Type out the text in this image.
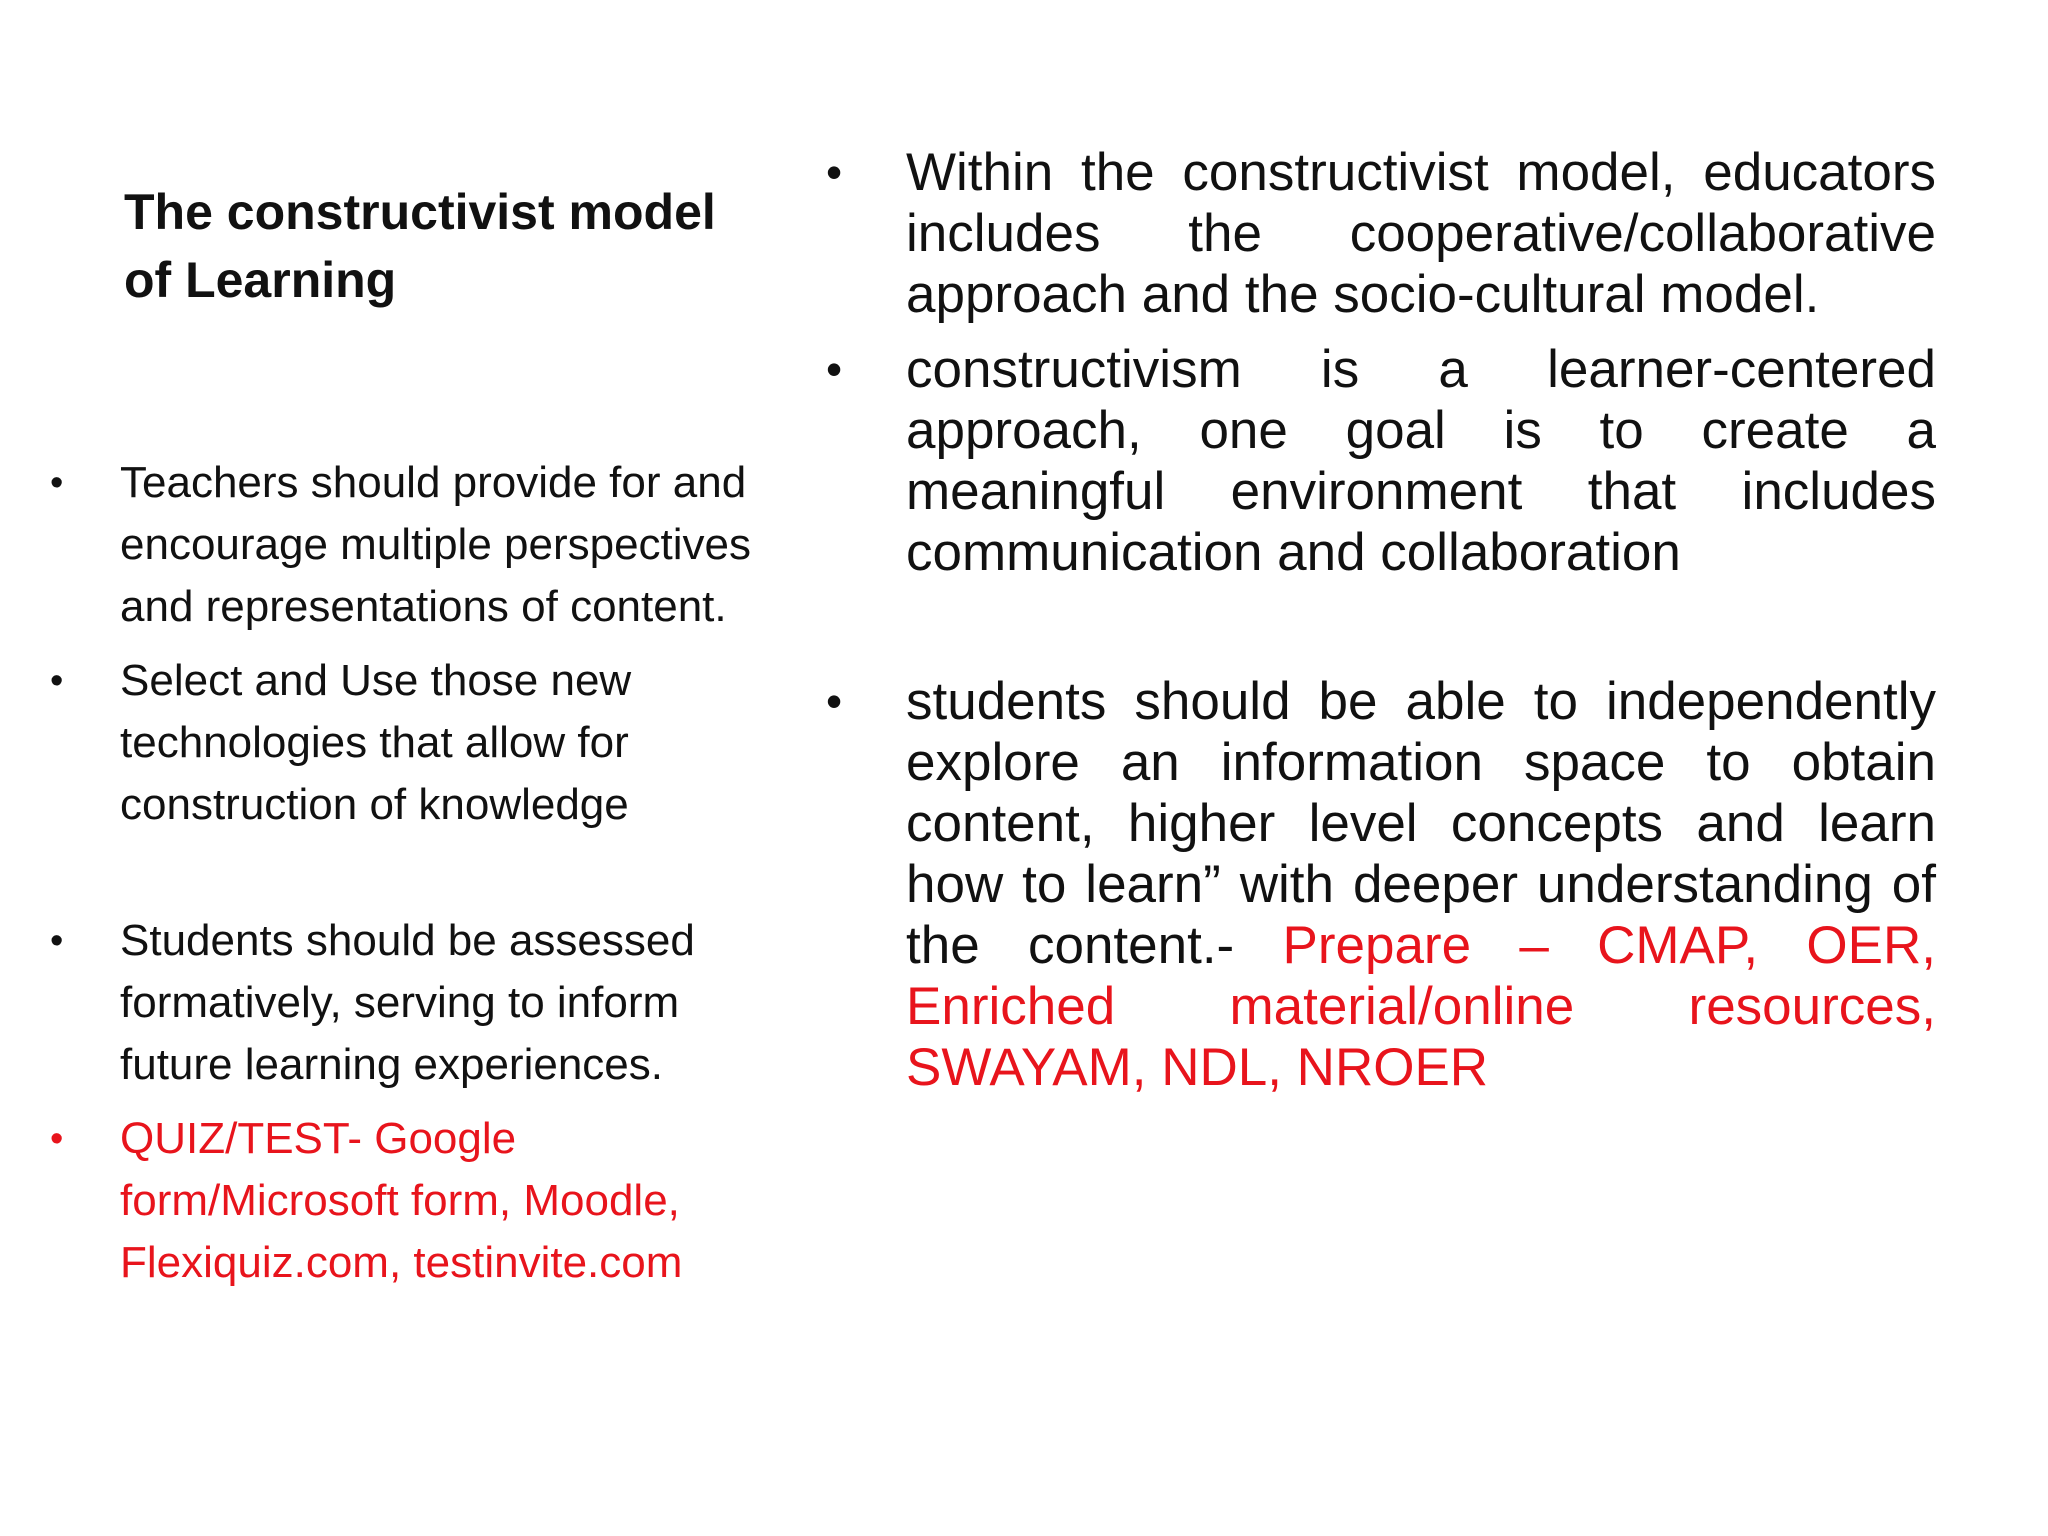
The constructivist model
of Learning
•	Teachers should provide for and encourage multiple perspectives and representations of content.
•	Select and Use those new technologies that allow for construction of knowledge
•	Students should be assessed formatively, serving to inform future learning experiences.
•	QUIZ/TEST- Google form/Microsoft form, Moodle, Flexiquiz.com, testinvite.com
•	Within the constructivist model, educators includes the cooperative/collaborative approach and the socio-cultural model.
•	constructivism is a learner-centered approach, one goal is to create a meaningful environment that includes communication and collaboration
•	students should be able to independently explore an information space to obtain content, higher level concepts and learn how to learn” with deeper understanding of the content.- Prepare – CMAP, OER, Enriched material/online resources, SWAYAM, NDL, NROER
